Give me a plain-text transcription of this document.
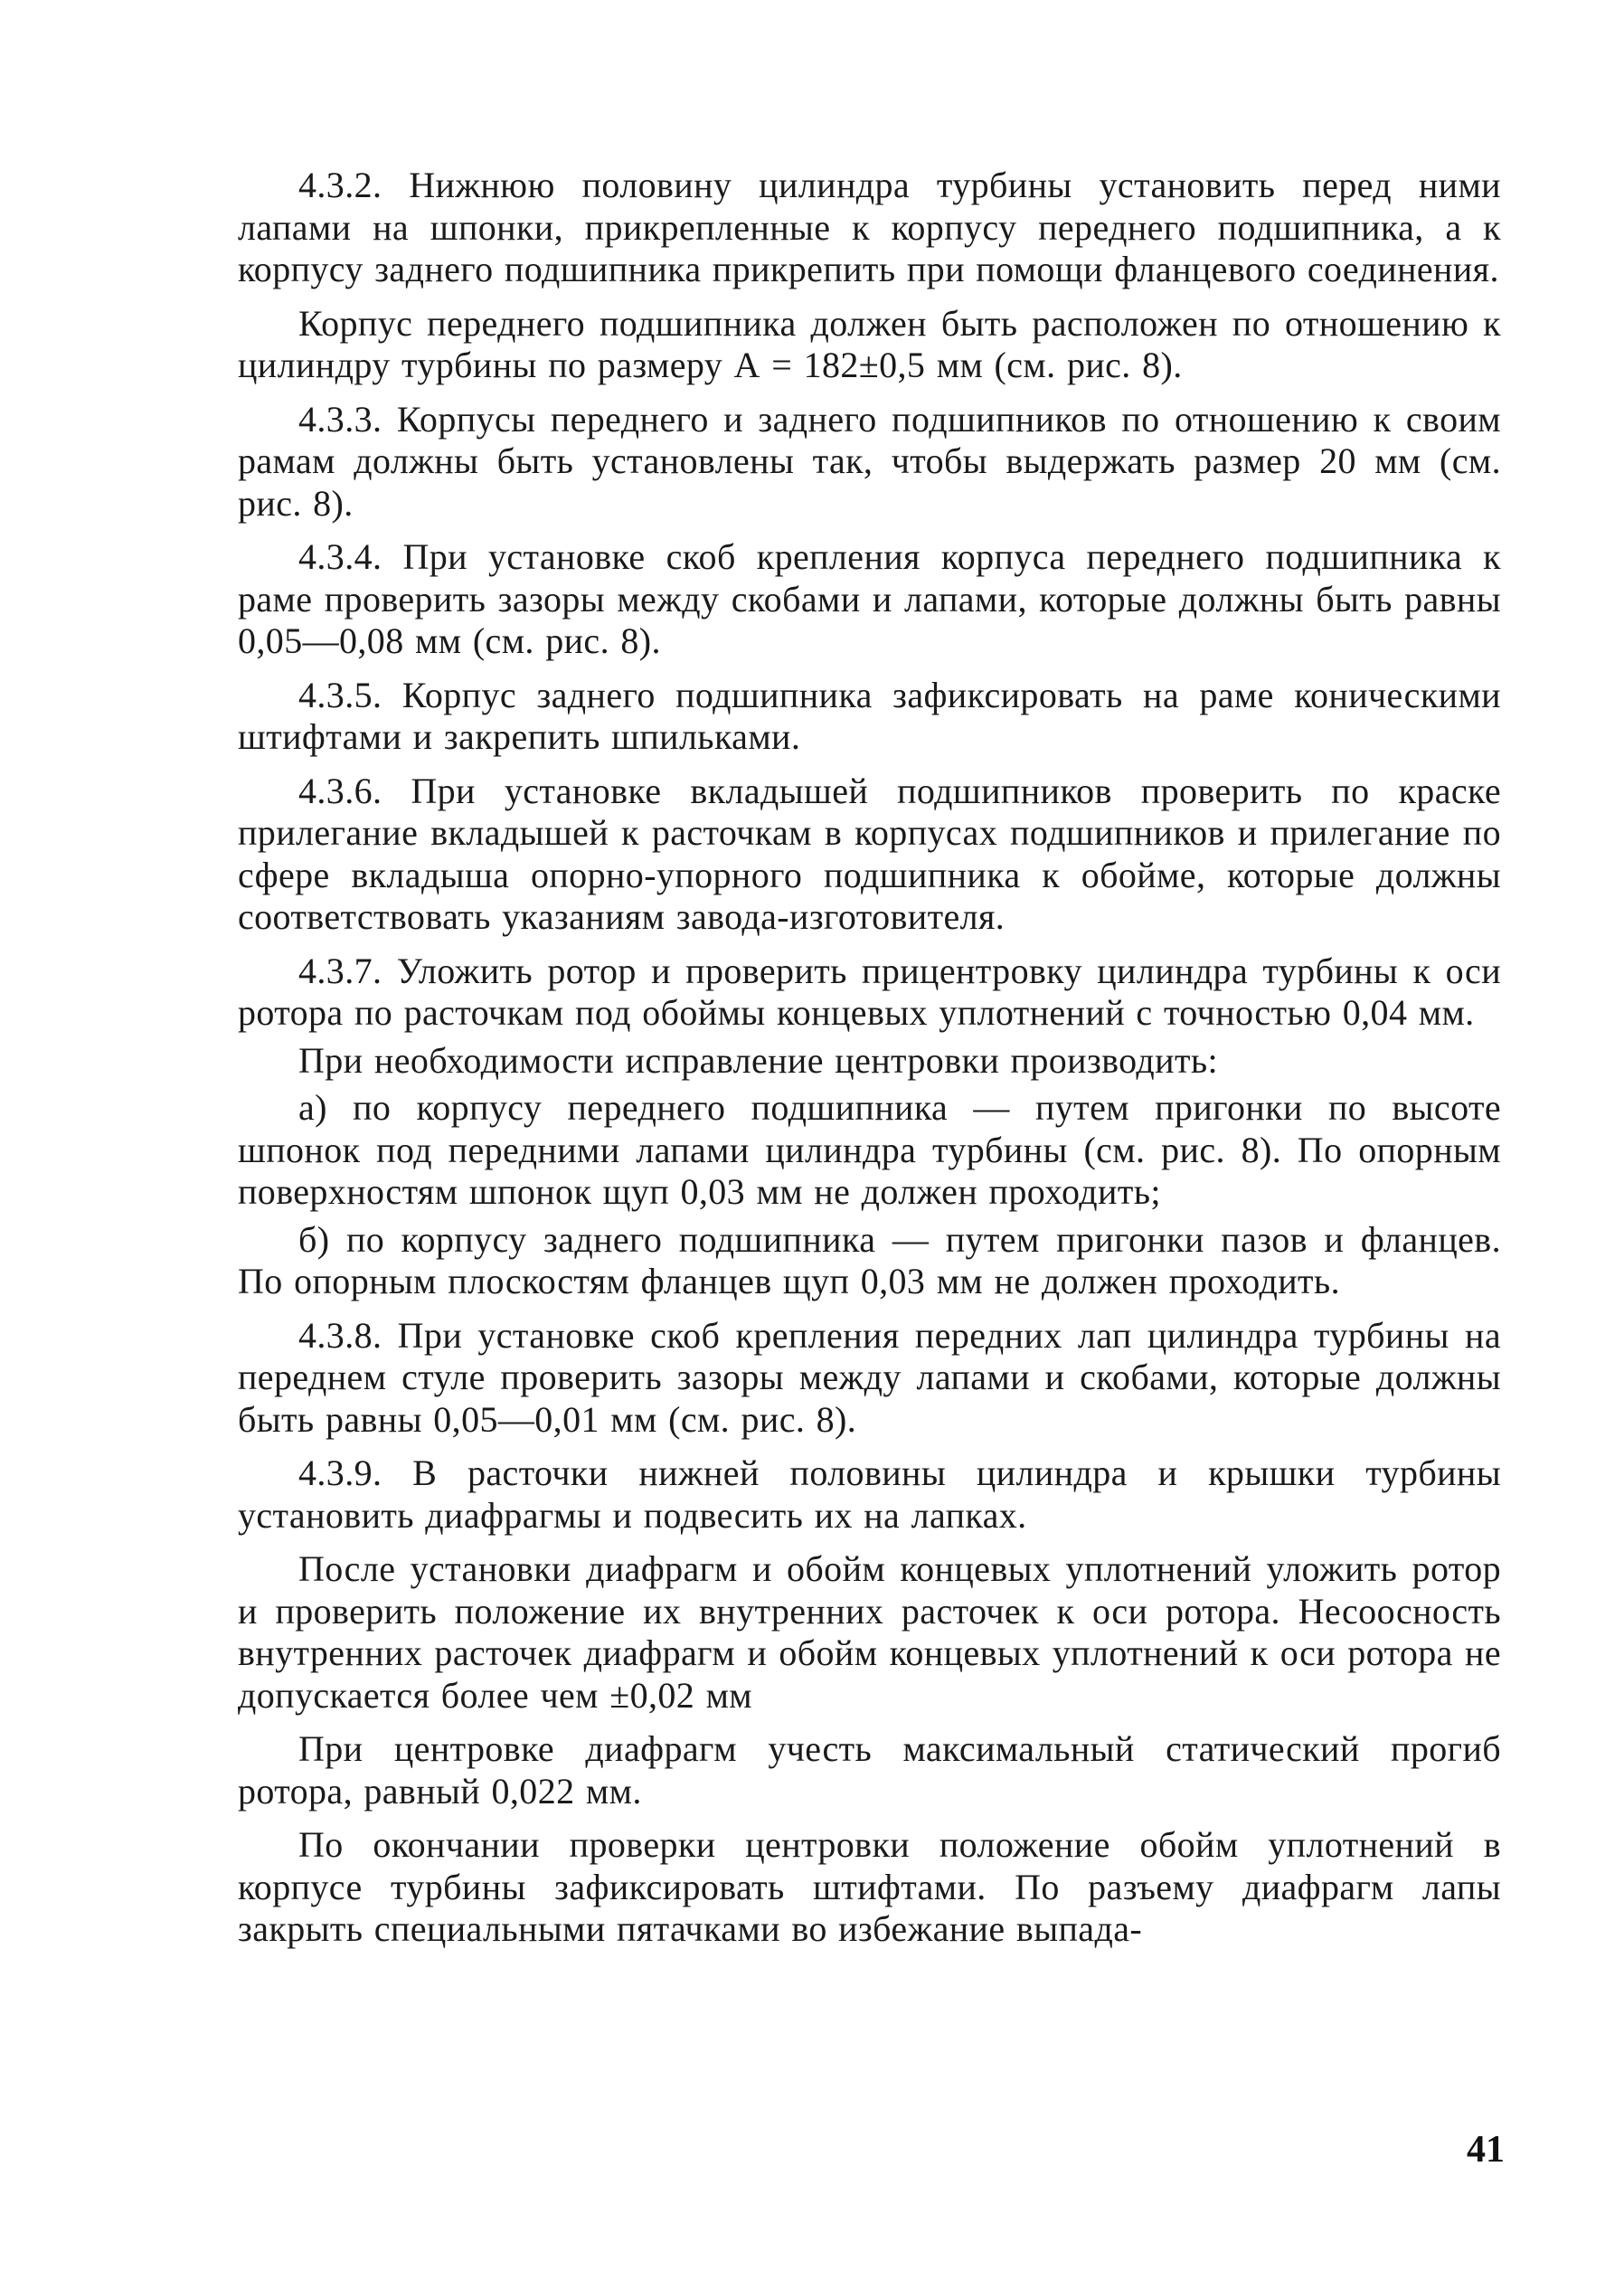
4.3.2. Нижнюю половину цилиндра турбины установить перед ними лапами на шпонки, прикрепленные к корпусу переднего подшипника, а к корпусу заднего подшипника прикрепить при помощи фланцевого соединения.

Корпус переднего подшипника должен быть расположен по отношению к цилиндру турбины по размеру А = 182±0,5 мм (см. рис. 8).

4.3.3. Корпусы переднего и заднего подшипников по отношению к своим рамам должны быть установлены так, чтобы выдержать размер 20 мм (см. рис. 8).

4.3.4. При установке скоб крепления корпуса переднего подшипника к раме проверить зазоры между скобами и лапами, которые должны быть равны 0,05—0,08 мм (см. рис. 8).

4.3.5. Корпус заднего подшипника зафиксировать на раме коническими штифтами и закрепить шпильками.

4.3.6. При установке вкладышей подшипников проверить по краске прилегание вкладышей к расточкам в корпусах подшипников и прилегание по сфере вкладыша опорно-упорного подшипника к обойме, которые должны соответствовать указаниям завода-изготовителя.

4.3.7. Уложить ротор и проверить прицентровку цилиндра турбины к оси ротора по расточкам под обоймы концевых уплотнений с точностью 0,04 мм.

При необходимости исправление центровки производить:

а) по корпусу переднего подшипника — путем пригонки по высоте шпонок под передними лапами цилиндра турбины (см. рис. 8). По опорным поверхностям шпонок щуп 0,03 мм не должен проходить;

б) по корпусу заднего подшипника — путем пригонки пазов и фланцев. По опорным плоскостям фланцев щуп 0,03 мм не должен проходить.

4.3.8. При установке скоб крепления передних лап цилиндра турбины на переднем стуле проверить зазоры между лапами и скобами, которые должны быть равны 0,05—0,01 мм (см. рис. 8).

4.3.9. В расточки нижней половины цилиндра и крышки турбины установить диафрагмы и подвесить их на лапках.

После установки диафрагм и обойм концевых уплотнений уложить ротор и проверить положение их внутренних расточек к оси ротора. Несоосность внутренних расточек диафрагм и обойм концевых уплотнений к оси ротора не допускается более чем ±0,02 мм

При центровке диафрагм учесть максимальный статический прогиб ротора, равный 0,022 мм.

По окончании проверки центровки положение обойм уплотнений в корпусе турбины зафиксировать штифтами. По разъему диафрагм лапы закрыть специальными пятачками во избежание выпада-

41
